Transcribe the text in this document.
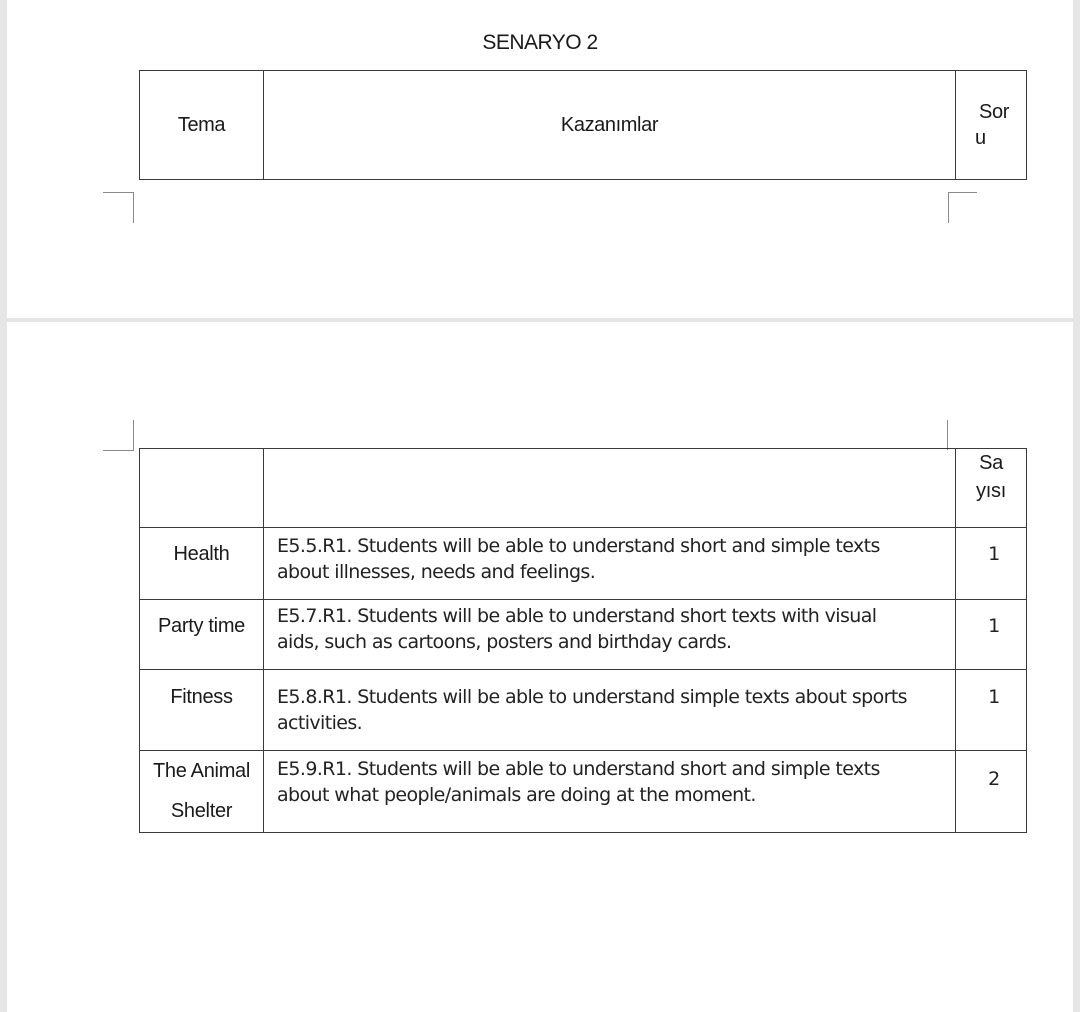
SENARYO 2
Tema	Kazanımlar
Sor
u
Sa
yısı
Health	E5.5.R1. Students will be able to understand short and simple texts
about illnesses, needs and feelings.
1
Party time E5.7.R1. Students will be able to understand short texts with visual
aids, such as cartoons, posters and birthday cards.
1
Fitness E5.8.R1. Students will be able to understand simple texts about sports
activities.
1
The Animal
Shelter
E5.9.R1. Students will be able to understand short and simple texts
about what people/animals are doing at the moment.
2
